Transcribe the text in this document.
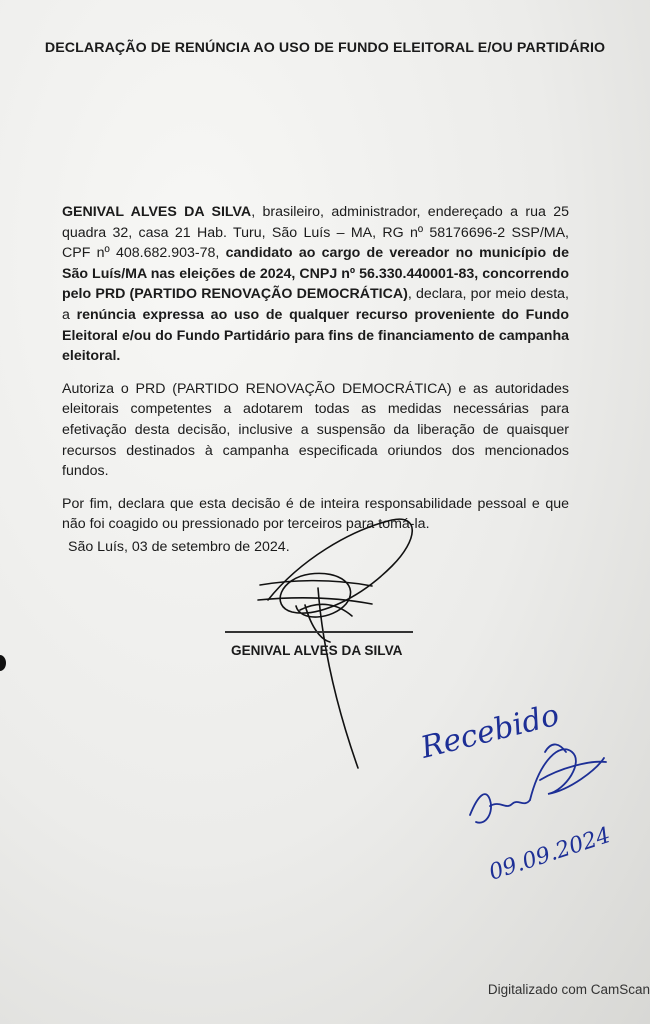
DECLARAÇÃO DE RENÚNCIA AO USO DE FUNDO ELEITORAL E/OU PARTIDÁRIO

GENIVAL ALVES DA SILVA, brasileiro, administrador, endereçado a rua 25 quadra 32, casa 21 Hab. Turu, São Luís – MA, RG nº 58176696-2 SSP/MA, CPF nº 408.682.903-78, candidato ao cargo de vereador no município de São Luís/MA nas eleições de 2024, CNPJ nº 56.330.440001-83, concorrendo pelo PRD (PARTIDO RENOVAÇÃO DEMOCRÁTICA), declara, por meio desta, a renúncia expressa ao uso de qualquer recurso proveniente do Fundo Eleitoral e/ou do Fundo Partidário para fins de financiamento de campanha eleitoral.

Autoriza o PRD (PARTIDO RENOVAÇÃO DEMOCRÁTICA) e as autoridades eleitorais competentes a adotarem todas as medidas necessárias para efetivação desta decisão, inclusive a suspensão da liberação de quaisquer recursos destinados à campanha especificada oriundos dos mencionados fundos.

Por fim, declara que esta decisão é de inteira responsabilidade pessoal e que não foi coagido ou pressionado por terceiros para tomá-la.

São Luís, 03 de setembro de 2024.
Recebido
09.09.2024
GENIVAL ALVES DA SILVA
Digitalizado com CamScan
